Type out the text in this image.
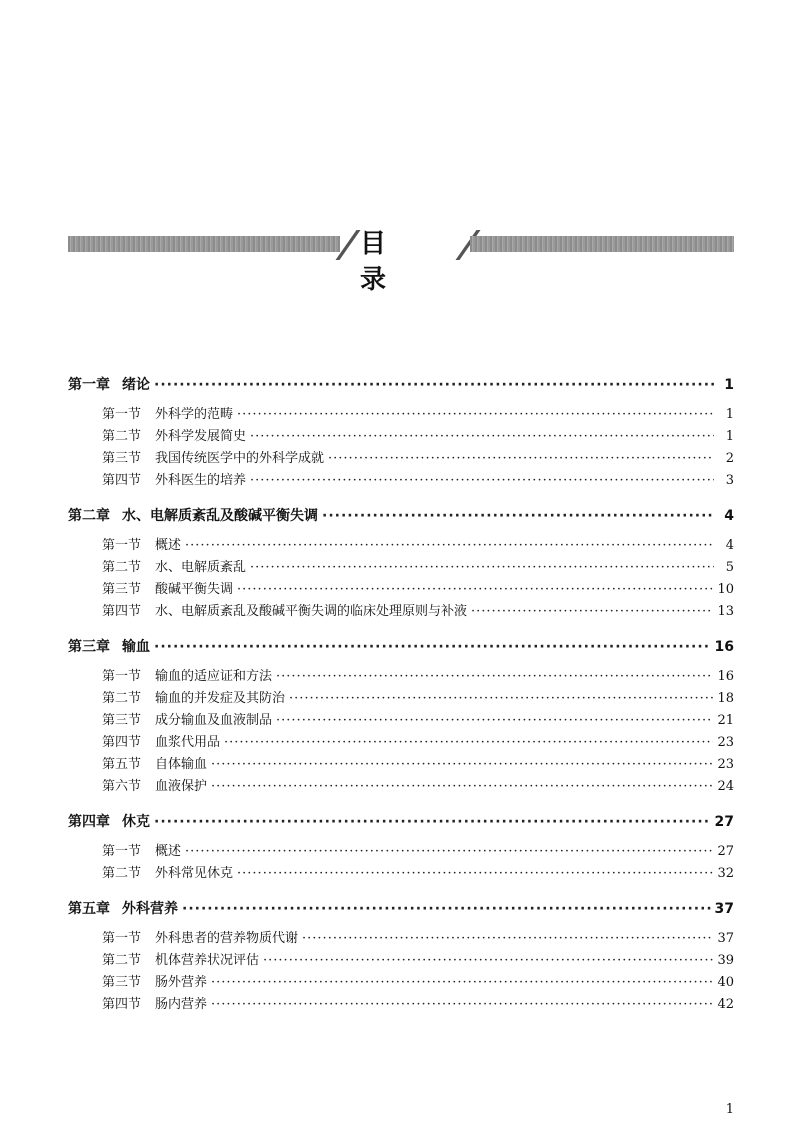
目 录
第一章 绪论 ·····	1
第一节 外科学的范畴 ·····	1
第二节 外科学发展简史 ·····	1
第三节 我国传统医学中的外科学成就 ·····	2
第四节 外科医生的培养 ·····	3
第二章 水、电解质紊乱及酸碱平衡失调 ·····	4
第一节 概述 ·····	4
第二节 水、电解质紊乱 ·····	5
第三节 酸碱平衡失调 ·····	10
第四节 水、电解质紊乱及酸碱平衡失调的临床处理原则与补液 ·····	13
第三章 输血 ·····	16
第一节 输血的适应证和方法 ·····	16
第二节 输血的并发症及其防治 ·····	18
第三节 成分输血及血液制品 ·····	21
第四节 血浆代用品 ·····	23
第五节 自体输血 ·····	23
第六节 血液保护 ·····	24
第四章 休克 ·····	27
第一节 概述 ·····	27
第二节 外科常见休克 ·····	32
第五章 外科营养 ·····	37
第一节 外科患者的营养物质代谢 ·····	37
第二节 机体营养状况评估 ·····	39
第三节 肠外营养 ·····	40
第四节 肠内营养 ·····	42
1
